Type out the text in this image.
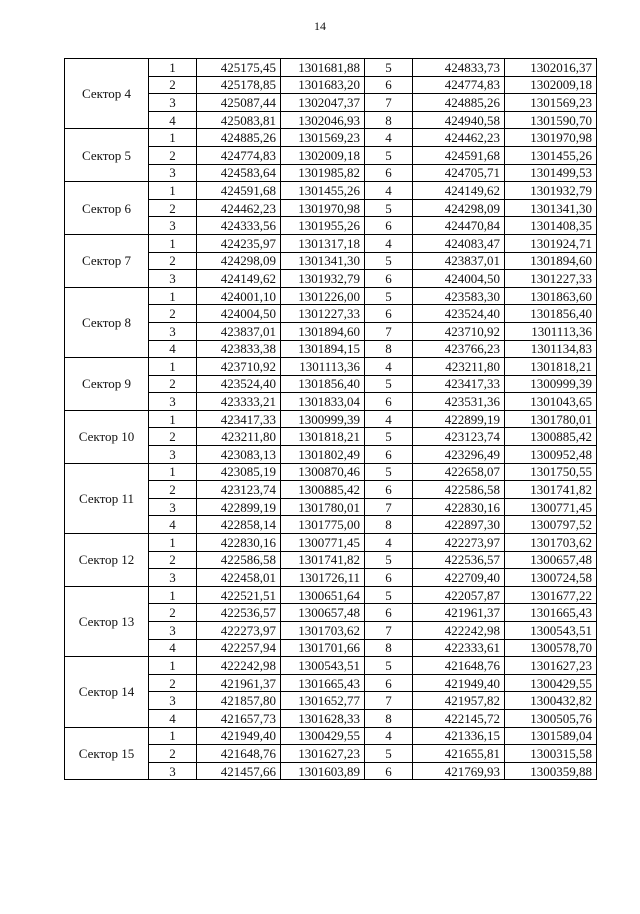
14
Сектор 4	1	425175,45	1301681,88	5	424833,73	1302016,37
	2	425178,85	1301683,20	6	424774,83	1302009,18
	3	425087,44	1302047,37	7	424885,26	1301569,23
	4	425083,81	1302046,93	8	424940,58	1301590,70
Сектор 5	1	424885,26	1301569,23	4	424462,23	1301970,98
	2	424774,83	1302009,18	5	424591,68	1301455,26
	3	424583,64	1301985,82	6	424705,71	1301499,53
Сектор 6	1	424591,68	1301455,26	4	424149,62	1301932,79
	2	424462,23	1301970,98	5	424298,09	1301341,30
	3	424333,56	1301955,26	6	424470,84	1301408,35
Сектор 7	1	424235,97	1301317,18	4	424083,47	1301924,71
	2	424298,09	1301341,30	5	423837,01	1301894,60
	3	424149,62	1301932,79	6	424004,50	1301227,33
Сектор 8	1	424001,10	1301226,00	5	423583,30	1301863,60
	2	424004,50	1301227,33	6	423524,40	1301856,40
	3	423837,01	1301894,60	7	423710,92	1301113,36
	4	423833,38	1301894,15	8	423766,23	1301134,83
Сектор 9	1	423710,92	1301113,36	4	423211,80	1301818,21
	2	423524,40	1301856,40	5	423417,33	1300999,39
	3	423333,21	1301833,04	6	423531,36	1301043,65
Сектор 10	1	423417,33	1300999,39	4	422899,19	1301780,01
	2	423211,80	1301818,21	5	423123,74	1300885,42
	3	423083,13	1301802,49	6	423296,49	1300952,48
Сектор 11	1	423085,19	1300870,46	5	422658,07	1301750,55
	2	423123,74	1300885,42	6	422586,58	1301741,82
	3	422899,19	1301780,01	7	422830,16	1300771,45
	4	422858,14	1301775,00	8	422897,30	1300797,52
Сектор 12	1	422830,16	1300771,45	4	422273,97	1301703,62
	2	422586,58	1301741,82	5	422536,57	1300657,48
	3	422458,01	1301726,11	6	422709,40	1300724,58
Сектор 13	1	422521,51	1300651,64	5	422057,87	1301677,22
	2	422536,57	1300657,48	6	421961,37	1301665,43
	3	422273,97	1301703,62	7	422242,98	1300543,51
	4	422257,94	1301701,66	8	422333,61	1300578,70
Сектор 14	1	422242,98	1300543,51	5	421648,76	1301627,23
	2	421961,37	1301665,43	6	421949,40	1300429,55
	3	421857,80	1301652,77	7	421957,82	1300432,82
	4	421657,73	1301628,33	8	422145,72	1300505,76
Сектор 15	1	421949,40	1300429,55	4	421336,15	1301589,04
	2	421648,76	1301627,23	5	421655,81	1300315,58
	3	421457,66	1301603,89	6	421769,93	1300359,88
